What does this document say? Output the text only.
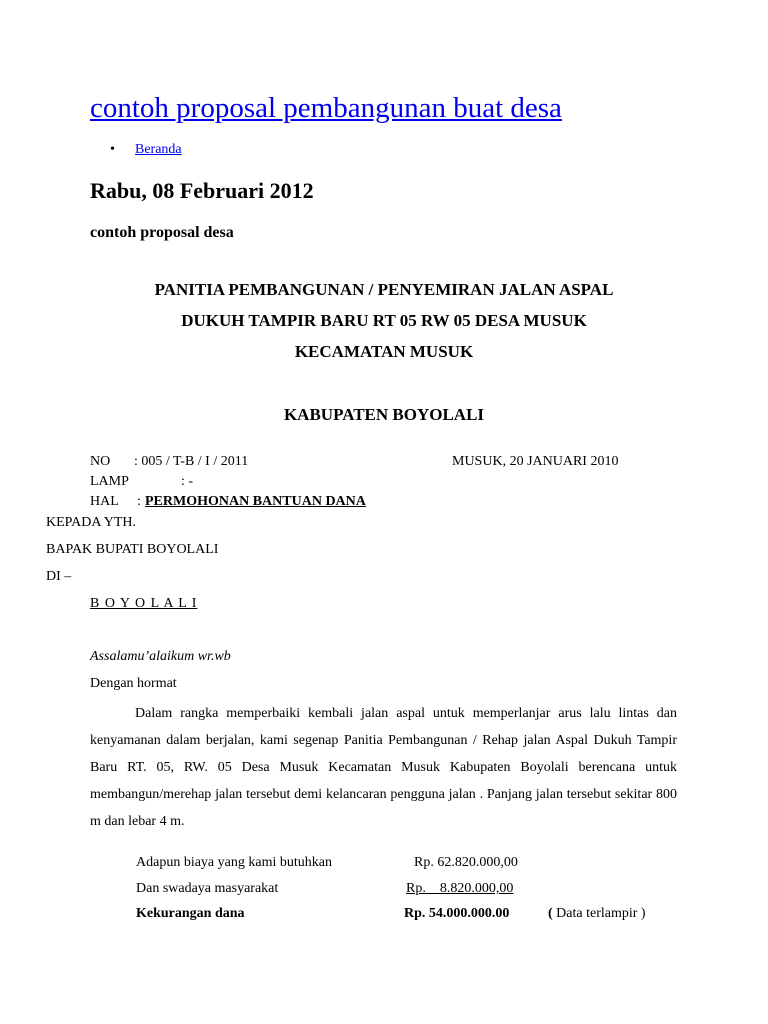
contoh proposal pembangunan buat desa
• Beranda
Rabu, 08 Februari 2012
contoh proposal desa
PANITIA PEMBANGUNAN / PENYEMIRAN JALAN ASPAL
DUKUH TAMPIR BARU RT 05 RW 05 DESA MUSUK
KECAMATAN MUSUK
KABUPATEN BOYOLALI
NO : 005 / T-B / I / 2011	MUSUK, 20 JANUARI 2010
LAMP	: -
HAL : PERMOHONAN BANTUAN DANA
KEPADA YTH.
BAPAK BUPATI BOYOLALI
DI –
B O Y O L A L I
Assalamu’alaikum wr.wb
Dengan hormat

Dalam rangka memperbaiki kembali jalan aspal untuk memperlanjar arus lalu lintas dan kenyamanan dalam berjalan, kami segenap Panitia Pembangunan / Rehap jalan Aspal Dukuh Tampir Baru RT. 05, RW. 05 Desa Musuk Kecamatan Musuk Kabupaten Boyolali berencana untuk membangun/merehap jalan tersebut demi kelancaran pengguna jalan . Panjang jalan tersebut sekitar 800 m dan lebar 4 m.

Adapun biaya yang kami butuhkan	Rp. 62.820.000,00
Dan swadaya masyarakat	Rp.    8.820.000,00
Kekurangan dana	Rp. 54.000.000.00	( Data terlampir )
